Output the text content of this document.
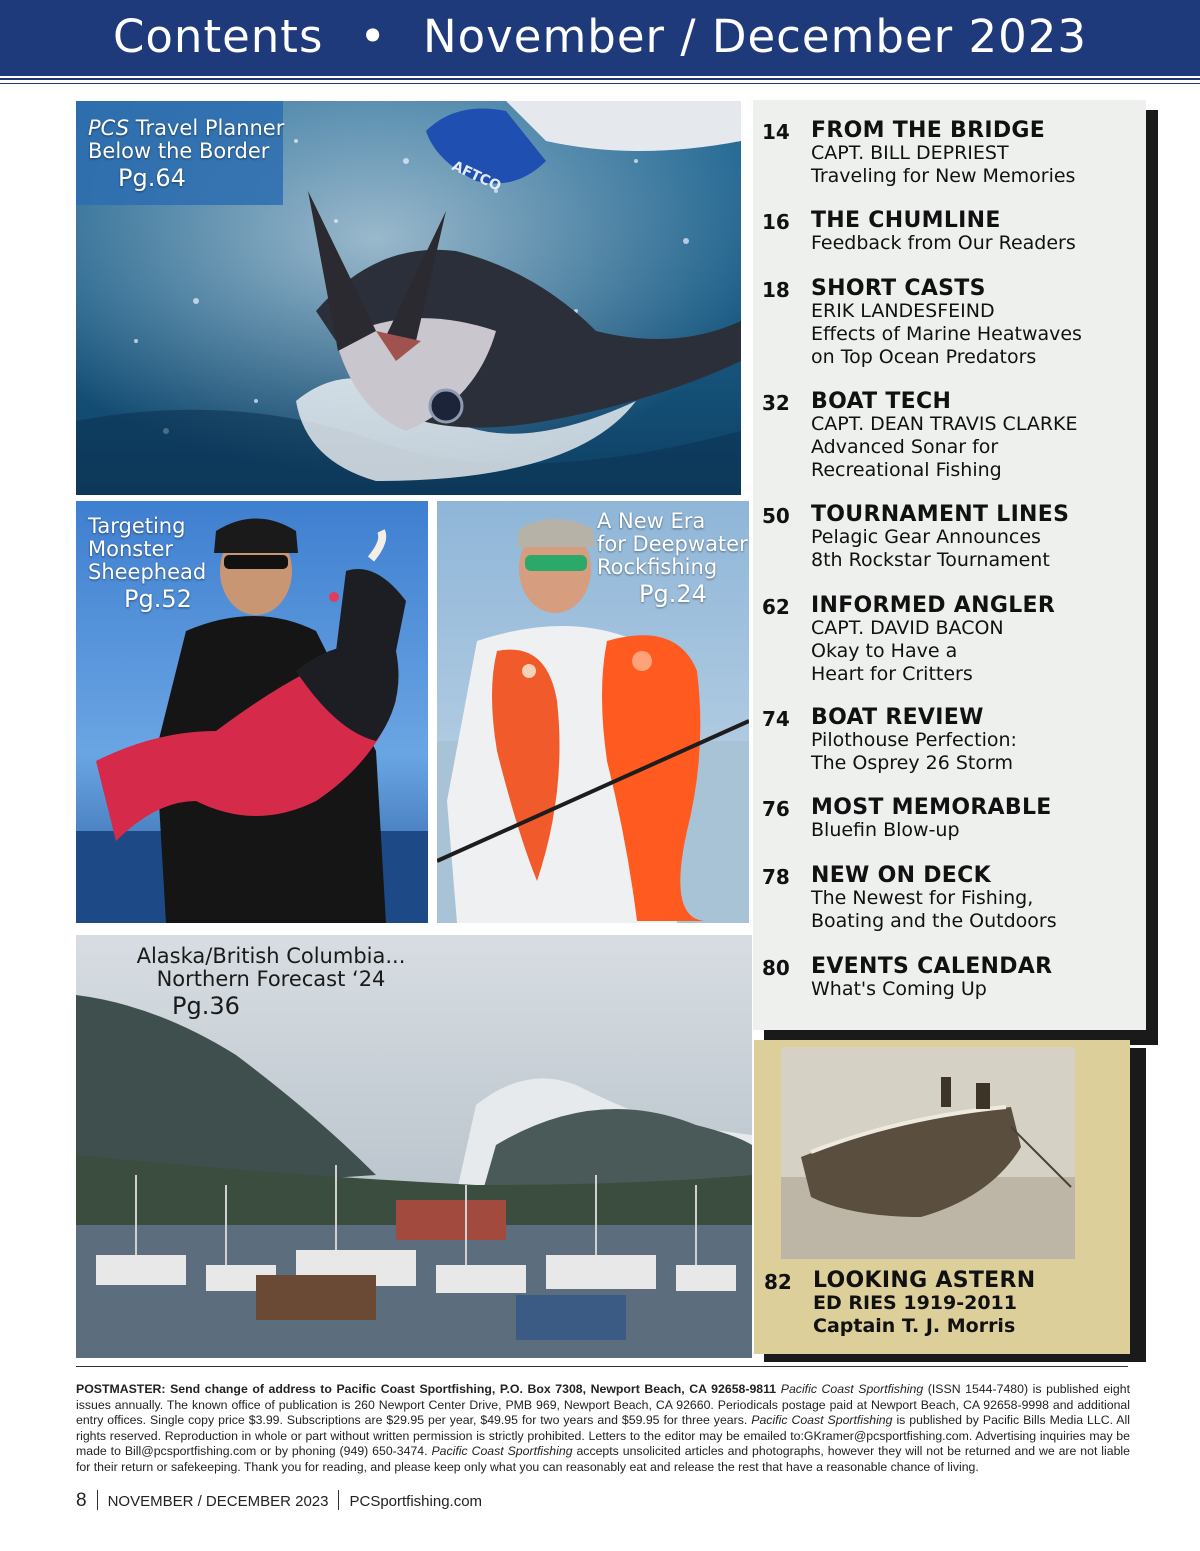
Contents • November / December 2023
AFTCO
PCS Travel Planner
Below the Border
Pg.64
Targeting
Monster
Sheephead
Pg.52
A New Era
for Deepwater
Rockfishing
Pg.24
Alaska/British Columbia...
Northern Forecast ‘24
Pg.36
14 FROM THE BRIDGE
CAPT. BILL DEPRIEST
Traveling for New Memories
16 THE CHUMLINE
Feedback from Our Readers
18 SHORT CASTS
ERIK LANDESFEIND
Effects of Marine Heatwaves
on Top Ocean Predators
32 BOAT TECH
CAPT. DEAN TRAVIS CLARKE
Advanced Sonar for
Recreational Fishing
50 TOURNAMENT LINES
Pelagic Gear Announces
8th Rockstar Tournament
62 INFORMED ANGLER
CAPT. DAVID BACON
Okay to Have a
Heart for Critters
74 BOAT REVIEW
Pilothouse Perfection:
The Osprey 26 Storm
76 MOST MEMORABLE
Bluefin Blow-up
78 NEW ON DECK
The Newest for Fishing,
Boating and the Outdoors
80 EVENTS CALENDAR
What's Coming Up
82 LOOKING ASTERN
ED RIES 1919-2011
Captain T. J. Morris
POSTMASTER: Send change of address to Pacific Coast Sportfishing, P.O. Box 7308, Newport Beach, CA 92658-9811 Pacific Coast Sportfishing (ISSN 1544-7480) is published eight issues annually. The known office of publication is 260 Newport Center Drive, PMB 969, Newport Beach, CA 92660. Periodicals postage paid at Newport Beach, CA 92658-9998 and additional entry offices. Single copy price $3.99. Subscriptions are $29.95 per year, $49.95 for two years and $59.95 for three years. Pacific Coast Sportfishing is published by Pacific Bills Media LLC. All rights reserved. Reproduction in whole or part without written permission is strictly prohibited. Letters to the editor may be emailed to:GKramer@pcsportfishing.com. Advertising inquiries may be made to Bill@pcsportfishing.com or by phoning (949) 650-3474. Pacific Coast Sportfishing accepts unsolicited articles and photographs, however they will not be returned and we are not liable for their return or safekeeping. Thank you for reading, and please keep only what you can reasonably eat and release the rest that have a reasonable chance of living.
8 NOVEMBER / DECEMBER 2023 PCSportfishing.com
